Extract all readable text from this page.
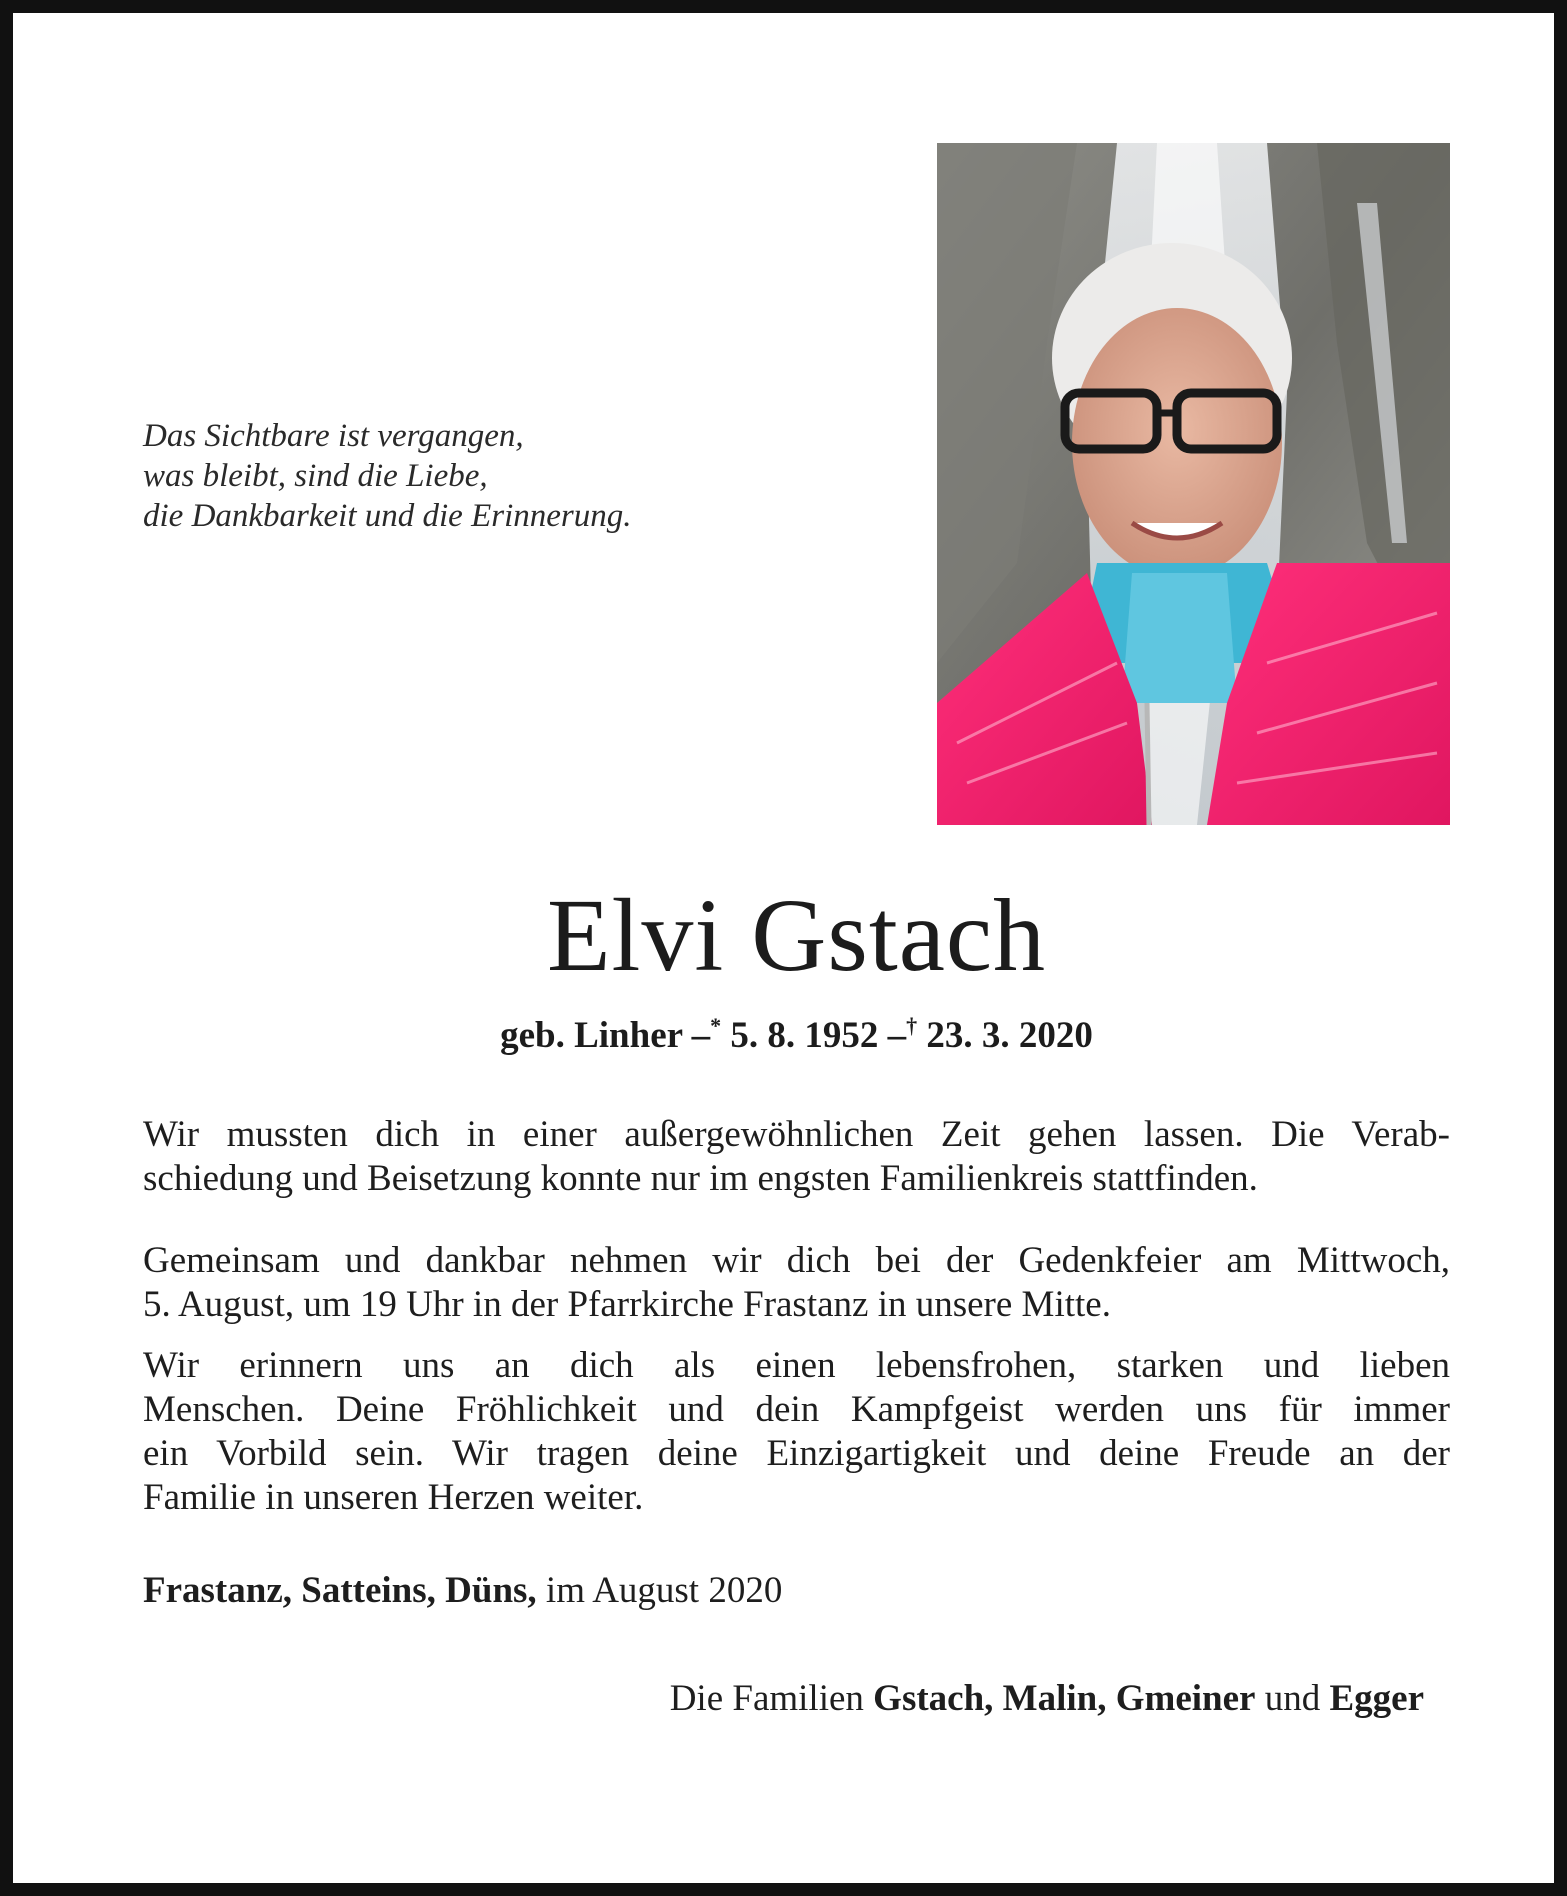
Das Sichtbare ist vergangen,
was bleibt, sind die Liebe,
die Dankbarkeit und die Erinnerung.
Elvi Gstach
geb. Linher –* 5. 8. 1952 –† 23. 3. 2020
Wir mussten dich in einer außergewöhnlichen Zeit gehen lassen. Die Verab-
schiedung und Beisetzung konnte nur im engsten Familienkreis stattfinden.
Gemeinsam und dankbar nehmen wir dich bei der Gedenkfeier am Mittwoch,
5. August, um 19 Uhr in der Pfarrkirche Frastanz in unsere Mitte.
Wir erinnern uns an dich als einen lebensfrohen, starken und lieben
Menschen. Deine Fröhlichkeit und dein Kampfgeist werden uns für immer
ein Vorbild sein. Wir tragen deine Einzigartigkeit und deine Freude an der
Familie in unseren Herzen weiter.
Frastanz, Satteins, Düns, im August 2020
Die Familien Gstach, Malin, Gmeiner und Egger
